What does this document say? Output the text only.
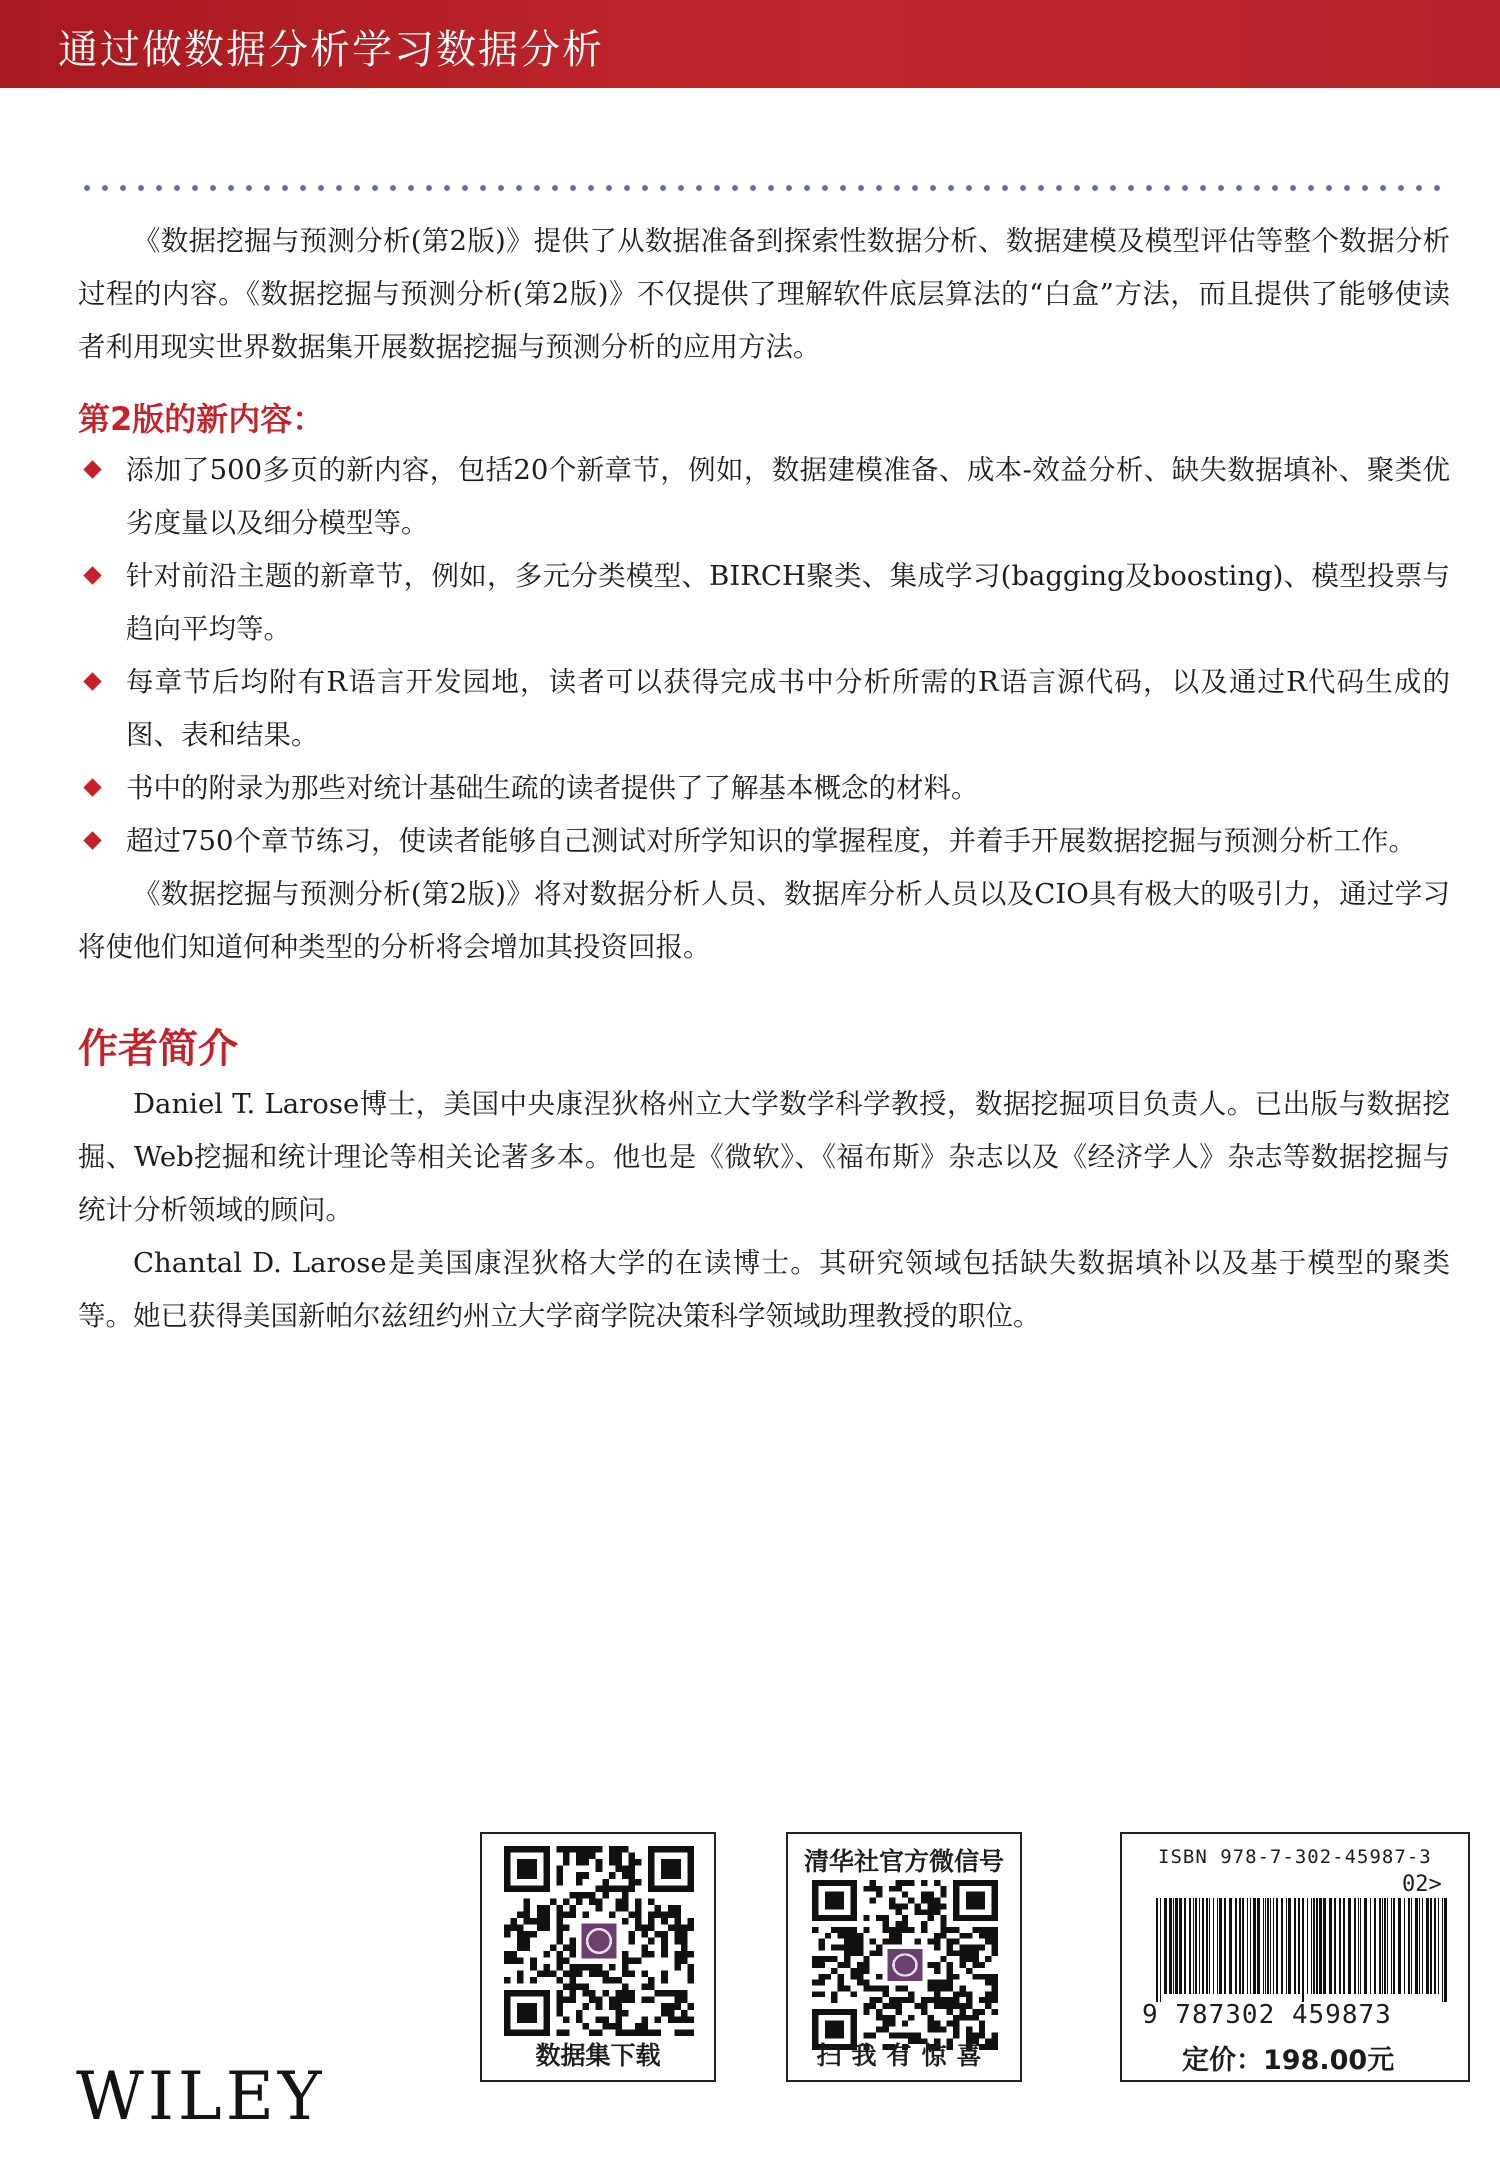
通过做数据分析学习数据分析

《数据挖掘与预测分析(第2版)》提供了从数据准备到探索性数据分析、数据建模及模型评估等整个数据分析过程的内容。《数据挖掘与预测分析(第2版)》不仅提供了理解软件底层算法的“白盒”方法，而且提供了能够使读者利用现实世界数据集开展数据挖掘与预测分析的应用方法。

第2版的新内容：
添加了500多页的新内容，包括20个新章节，例如，数据建模准备、成本-效益分析、缺失数据填补、聚类优劣度量以及细分模型等。
针对前沿主题的新章节，例如，多元分类模型、BIRCH聚类、集成学习(bagging及boosting)、模型投票与趋向平均等。
每章节后均附有R语言开发园地，读者可以获得完成书中分析所需的R语言源代码，以及通过R代码生成的图、表和结果。
书中的附录为那些对统计基础生疏的读者提供了了解基本概念的材料。
超过750个章节练习，使读者能够自己测试对所学知识的掌握程度，并着手开展数据挖掘与预测分析工作。

《数据挖掘与预测分析(第2版)》将对数据分析人员、数据库分析人员以及CIO具有极大的吸引力，通过学习将使他们知道何种类型的分析将会增加其投资回报。

作者简介

Daniel T. Larose博士，美国中央康涅狄格州立大学数学科学教授，数据挖掘项目负责人。已出版与数据挖掘、Web挖掘和统计理论等相关论著多本。他也是《微软》、《福布斯》杂志以及《经济学人》杂志等数据挖掘与统计分析领域的顾问。

Chantal D. Larose是美国康涅狄格大学的在读博士。其研究领域包括缺失数据填补以及基于模型的聚类等。她已获得美国新帕尔兹纽约州立大学商学院决策科学领域助理教授的职位。

WILEY
数据集下载
清华社官方微信号
扫我有惊喜
ISBN 978-7-302-45987-3
02>
9 787302 459873
定价：198.00元
